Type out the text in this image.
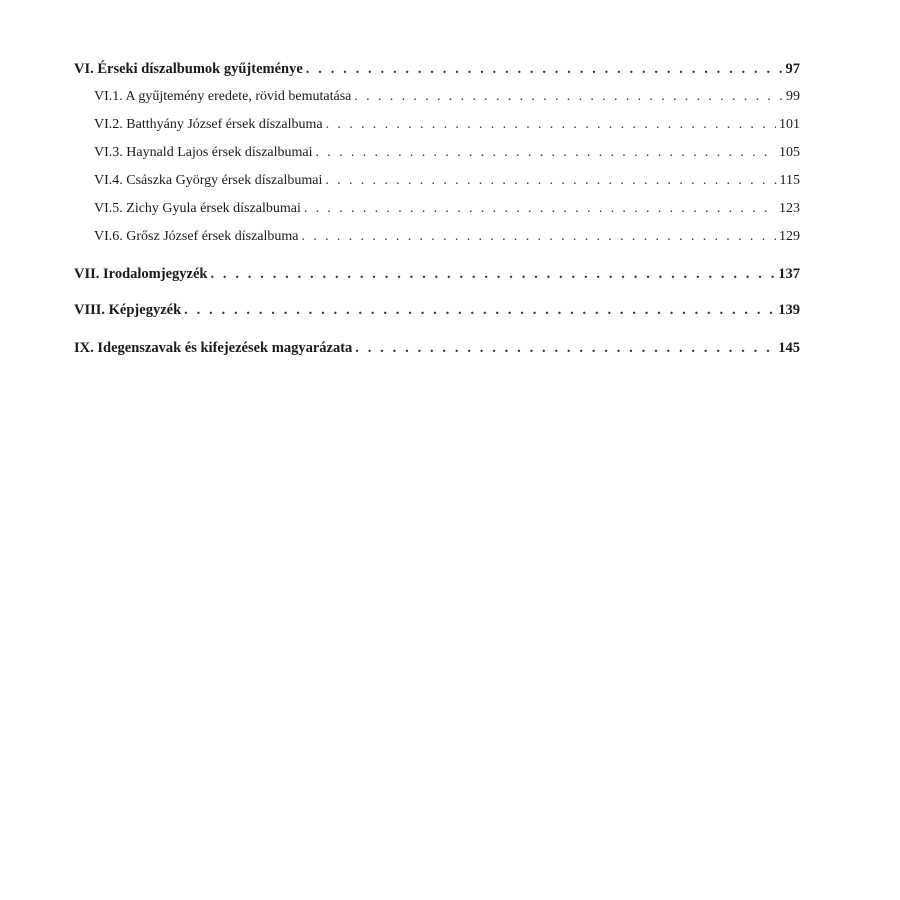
VI. Érseki díszalbumok gyűjteménye . . .	97
VI.1. A gyűjtemény eredete, rövid bemutatása . . .	99
VI.2. Batthyány József érsek díszalbuma . . .	101
VI.3. Haynald Lajos érsek díszalbumai . . .	105
VI.4. Császka György érsek díszalbumai . . .	115
VI.5. Zichy Gyula érsek díszalbumai . . .	123
VI.6. Grősz József érsek díszalbuma . . .	129
VII. Irodalomjegyzék . . .	137
VIII. Képjegyzék . . .	139
IX. Idegenszavak és kifejezések magyarázata . . .	145
